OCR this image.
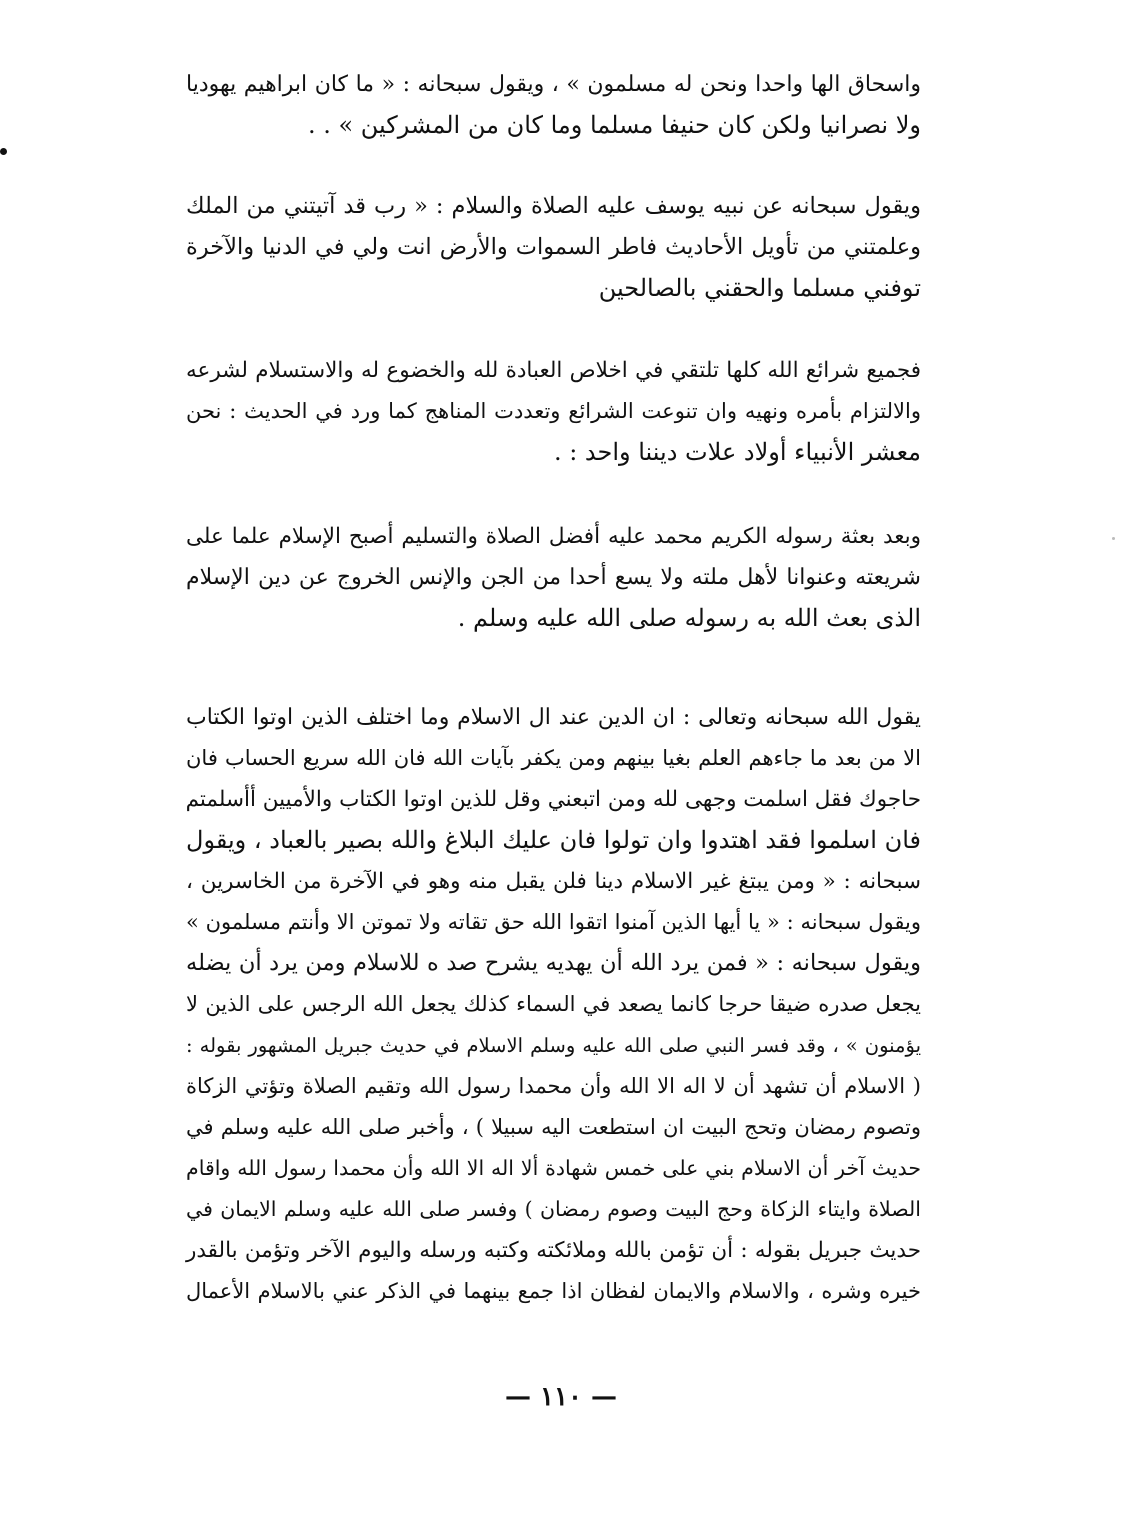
واسحاق الها واحدا ونحن له مسلمون » ، ويقول سبحانه : « ما كان ابراهيم يهوديا
ولا نصرانيا ولكن كان حنيفا مسلما وما كان من المشركين » . .
ويقول سبحانه عن نبيه يوسف عليه الصلاة والسلام : « رب قد آتيتني من الملك
وعلمتني من تأويل الأحاديث فاطر السموات والأرض انت ولي في الدنيا والآخرة
توفني مسلما والحقني بالصالحين
فجميع شرائع الله كلها تلتقي في اخلاص العبادة لله والخضوع له والاستسلام لشرعه
والالتزام بأمره ونهيه وان تنوعت الشرائع وتعددت المناهج كما ورد في الحديث : نحن
معشر الأنبياء أولاد علات ديننا واحد : .
وبعد بعثة رسوله الكريم محمد عليه أفضل الصلاة والتسليم أصبح الإسلام علما على
شريعته وعنوانا لأهل ملته ولا يسع أحدا من الجن والإنس الخروج عن دين الإسلام
الذى بعث الله به رسوله صلى الله عليه وسلم .
يقول الله سبحانه وتعالى : ان الدين عند ال الاسلام وما اختلف الذين اوتوا الكتاب
الا من بعد ما جاءهم العلم بغيا بينهم ومن يكفر بآيات الله فان الله سريع الحساب فان
حاجوك فقل اسلمت وجهى لله ومن اتبعني وقل للذين اوتوا الكتاب والأميين أأسلمتم
فان اسلموا فقد اهتدوا وان تولوا فان عليك البلاغ والله بصير بالعباد ، ويقول
سبحانه : « ومن يبتغ غير الاسلام دينا فلن يقبل منه وهو في الآخرة من الخاسرين ،
ويقول سبحانه : « يا أيها الذين آمنوا اتقوا الله حق تقاته ولا تموتن الا وأنتم مسلمون »
ويقول سبحانه : « فمن يرد الله أن يهديه يشرح صد ه للاسلام ومن يرد أن يضله
يجعل صدره ضيقا حرجا كانما يصعد في السماء كذلك يجعل الله الرجس على الذين لا
يؤمنون » ، وقد فسر النبي صلى الله عليه وسلم الاسلام في حديث جبريل المشهور بقوله :
( الاسلام أن تشهد أن لا اله الا الله وأن محمدا رسول الله وتقيم الصلاة وتؤتي الزكاة
وتصوم رمضان وتحج البيت ان استطعت اليه سبيلا ) ، وأخبر صلى الله عليه وسلم في
حديث آخر أن الاسلام بني على خمس شهادة ألا اله الا الله وأن محمدا رسول الله واقام
الصلاة وايتاء الزكاة وحج البيت وصوم رمضان ) وفسر صلى الله عليه وسلم الايمان في
حديث جبريل بقوله : أن تؤمن بالله وملائكته وكتبه ورسله واليوم الآخر وتؤمن بالقدر
خيره وشره ، والاسلام والايمان لفظان اذا جمع بينهما في الذكر عني بالاسلام الأعمال
— ١١٠ —
